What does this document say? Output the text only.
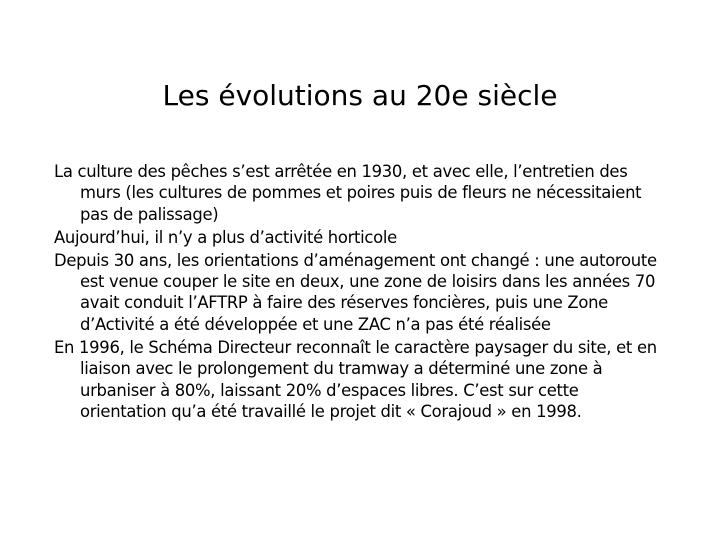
Les évolutions au 20e siècle
La culture des pêches s’est arrêtée en 1930, et avec elle, l’entretien des murs (les cultures de pommes et poires puis de fleurs ne nécessitaient pas de palissage)
Aujourd’hui, il n’y a plus d’activité horticole
Depuis 30 ans, les orientations d’aménagement ont changé : une autoroute est venue couper le site en deux, une zone de loisirs dans les années 70 avait conduit l’AFTRP à faire des réserves foncières, puis une Zone d’Activité a été développée et une ZAC n’a pas été réalisée
En 1996, le Schéma Directeur reconnaît le caractère paysager du site, et en liaison avec le prolongement du tramway a déterminé une zone à urbaniser à 80%, laissant 20% d’espaces libres. C’est sur cette orientation qu’a été travaillé le projet dit « Corajoud » en 1998.
